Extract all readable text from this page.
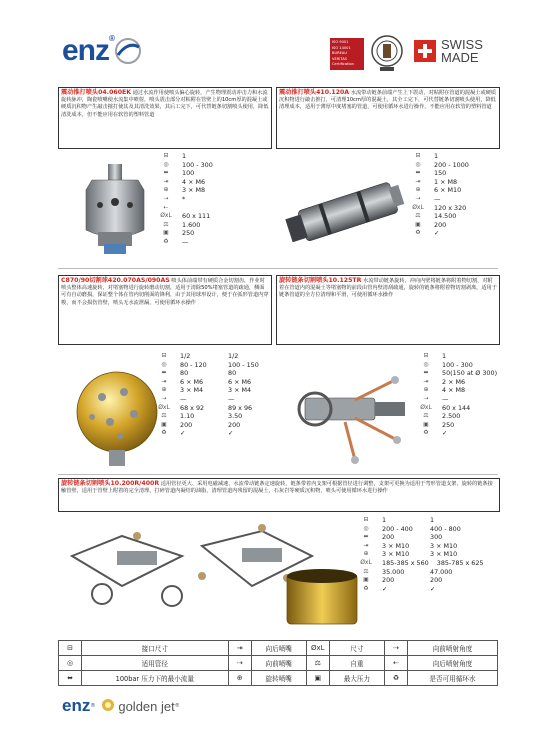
enz®	ISO 9001
ISO 14001
BUREAU VERITAS
Certification
SWISS
MADE
震动推打喷头04.060EK 通过水流作用使喷头偏心旋转，产生物理震动冲击力和水流旋转脉冲，陶瓷喷嘴使水流集中喷射，喷头震击部分对粘附在管壁上的10cm厚的混凝土或硬质沉积物产生敲击摧打使其及其清洗效果，其后工完下，可代替链条切割喷头使用，降低清洗成本，但不能应用在软管的塑料管道
震动推打喷头410.120A 水流带动链条前端产生上下震动，对粘附在管道的混凝土或硬质沉积物进行敲击推打，可清理10cm厚的混凝土，其全工完下，可代替链条切割喷头使用，降低清理成本，适用于薄厚中度堵塞的管道，可使用循环水进行操作，不能应用在软管的塑料管道
⊟	1
◎	100 - 300
⬌	100
⇥	4 × M6
⊕	3 × M8
⇢	*
⇠
ØxL 60 x 111
⚖	1.600
▣	250
♻	—
⊟	1
◎	200 - 1000
⬌	150
⇥	1 × M8
⊕	6 × M10
⇢	—
ØxL 120 x 320
⚖	14.500
▣	200
♻	✓
C870/90切割球420.070AS/090AS 喷头体前端带有硬质合金切割齿，作业时喷头整体高速旋转，对堵塞物进行旋转磨动切割，适用于清除50%堵塞管道的疏通，侧面可有自动磨损，保证整个体在管内切削面的锋利，由于其用球形设计，便于在弧形管道内穿梭，而不会损伤管壁，喷头无水流泄漏，可使用循环水操作
旋转链条切割喷头10.125TR 水流带动链条旋转，冲向内壁将链条将附着物切割，对附着在管道内的混凝土等堵塞物的前段由管内壁清刮疏通，旋转的链条将附着物切割剥离，适用于链条管道的全方位清理和平滑，可使用循环水操作
⊟	1/2	1/2
◎	80 - 120	100 - 150
⬌	80	80
⇥	6 × M6	6 × M6
⊕	3 × M4	3 × M4
⇢	—	—
ØxL 68 x 92	89 x 96
⚖	1.10	3.50
▣	200	200
♻	✓	✓
⊟	1
◎	100 - 300
⬌	50(150 at Ø 300)
⇥	2 × M6
⊕	4 × M8
⇢	—
ØxL 60 x 144
⚖	2.500
▣	250
♻	✓
旋转链条切割喷头10.200R/400R 适用管径更大、采用电磁减速、水流带动链条定速旋转，链条带着内支架可根据管径进行调整，支架可更换为适用于弯形管道支架，旋转的链条接触管壁，适用于管壁上附着的完全清理，打碎管道内凝结的油脂，清理管道内残留的混凝土，石灰岩等硬质沉积物，喷头可使用循环水进行操作
⊟	1	1
◎	200 - 400	400 - 800
⬌	200	300
⇥	3 × M10	3 × M10
⊕	3 × M10	3 × M10
ØxL 185-385 x 560 385-785 x 625
⚖	35.000	47.000
▣	200	200
♻	✓	✓
⊟	接口尺寸	⇥	向后喷嘴	ØxL	尺寸	⇢	向前喷射角度
◎	适用管径	⇢	向前喷嘴	⚖	自重	⇠	向后喷射角度
⬌	100bar 压力下的最小流量	⊕	旋转喷嘴	▣	最大压力	♻	是否可用循环水
enz ® golden jet ®
